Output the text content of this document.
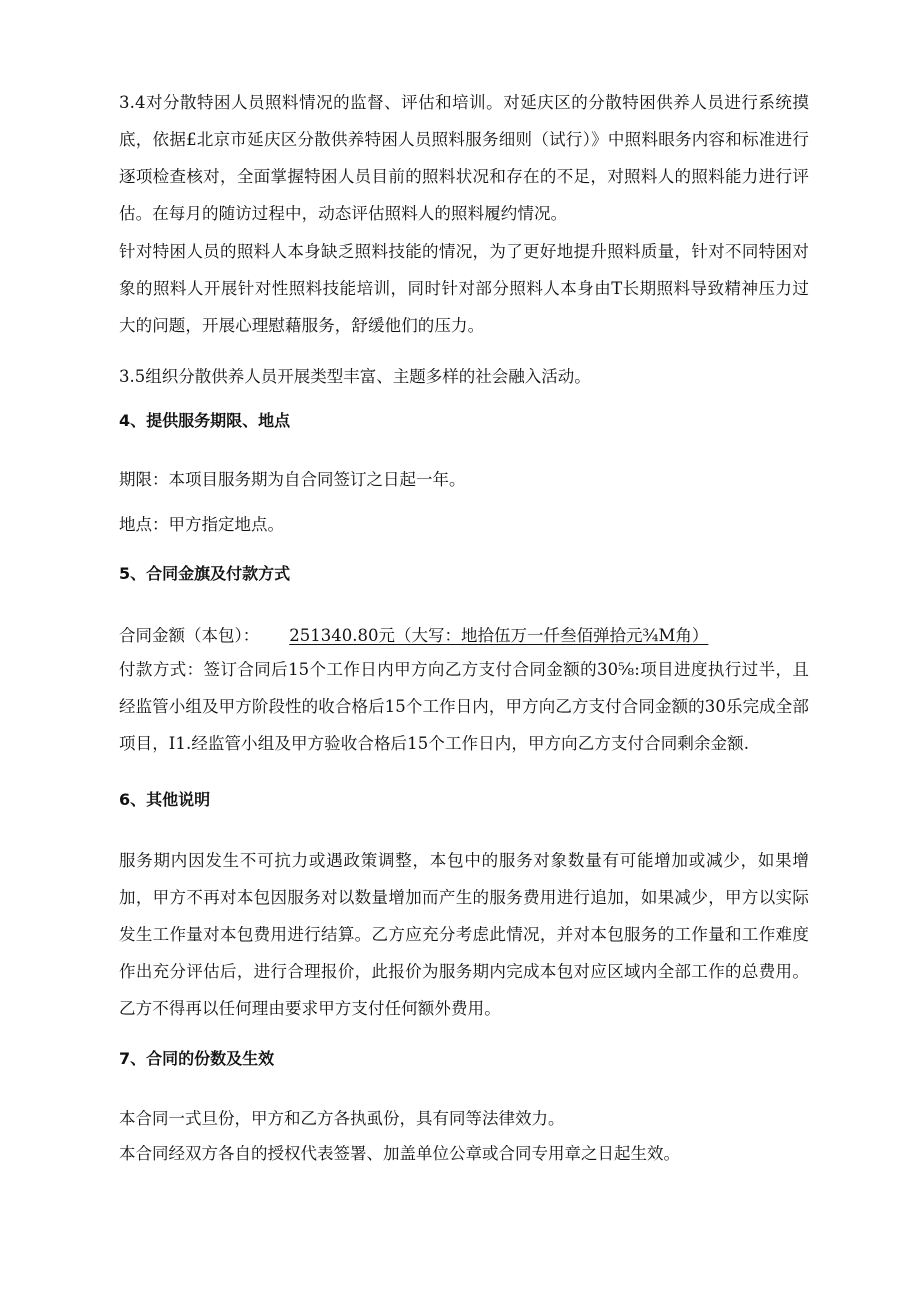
3.4对分散特困人员照料情况的监督、评估和培训。对延庆区的分散特困供养人员进行系统摸底，依据£北京市延庆区分散供养特困人员照料服务细则（试行）》中照料眼务内容和标准进行逐项检查核对，全面掌握特困人员目前的照料状况和存在的不足，对照料人的照料能力进行评估。在每月的随访过程中，动态评估照料人的照料履约情况。

针对特困人员的照料人本身缺乏照料技能的情况，为了更好地提升照料质量，针对不同特困对象的照料人开展针对性照料技能培训，同时针对部分照料人本身由T长期照料导致精神压力过大的问题，开展心理慰藉服务，舒缓他们的压力。

3.5组织分散供养人员开展类型丰富、主题多样的社会融入活动。

4、提供服务期限、地点

期限：本项目服务期为自合同签订之日起一年。

地点：甲方指定地点。

5、合同金旗及付款方式
合同金额（本包）： 251340.80元（大写：地拾伍万一仟叁佰弹拾元¾M角）

付款方式：签订合同后15个工作日内甲方向乙方支付合同金额的30⅝:项目进度执行过半，且经监管小组及甲方阶段性的收合格后15个工作日内，甲方向乙方支付合同金额的30乐完成全部项目，I1.经监管小组及甲方验收合格后15个工作日内，甲方向乙方支付合同剩余金额.

6、其他说明

服务期内因发生不可抗力或遇政策调整，本包中的服务对象数量有可能增加或减少，如果增加，甲方不再对本包因服务对以数量增加而产生的服务费用进行追加，如果减少，甲方以实际发生工作量对本包费用进行结算。乙方应充分考虑此情况，并对本包服务的工作量和工作难度作出充分评估后，进行合理报价，此报价为服务期内完成本包对应区域内全部工作的总费用。乙方不得再以任何理由要求甲方支付任何额外费用。

7、合同的份数及生效

本合同一式旦份，甲方和乙方各执虱份，具有同等法律效力。

本合同经双方各自的授权代表签署、加盖单位公章或合同专用章之日起生效。
